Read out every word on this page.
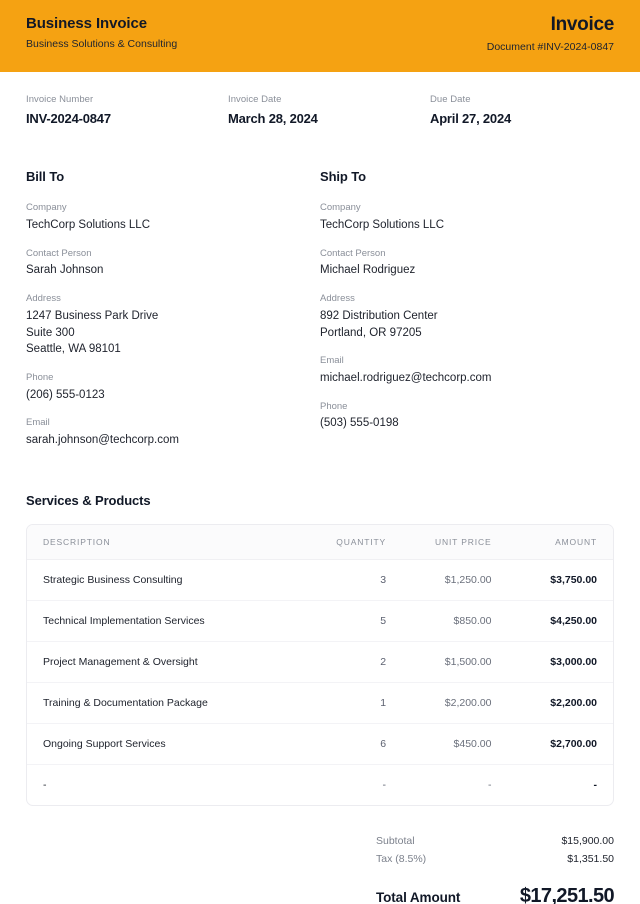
Business Invoice
Business Solutions & Consulting
Invoice
Document #INV-2024-0847
Invoice Number
INV-2024-0847
Invoice Date
March 28, 2024
Due Date
April 27, 2024
Bill To
Company
TechCorp Solutions LLC
Contact Person
Sarah Johnson
Address
1247 Business Park Drive
Suite 300
Seattle, WA 98101
Phone
(206) 555-0123
Email
sarah.johnson@techcorp.com
Ship To
Company
TechCorp Solutions LLC
Contact Person
Michael Rodriguez
Address
892 Distribution Center
Portland, OR 97205
Email
michael.rodriguez@techcorp.com
Phone
(503) 555-0198
Services & Products
DESCRIPTION	QUANTITY	UNIT PRICE	AMOUNT
Strategic Business Consulting	3	$1,250.00	$3,750.00
Technical Implementation Services	5	$850.00	$4,250.00
Project Management & Oversight	2	$1,500.00	$3,000.00
Training & Documentation Package	1	$2,200.00	$2,200.00
Ongoing Support Services	6	$450.00	$2,700.00
-	-	-	-
Subtotal	$15,900.00
Tax (8.5%)	$1,351.50
Total Amount	$17,251.50
